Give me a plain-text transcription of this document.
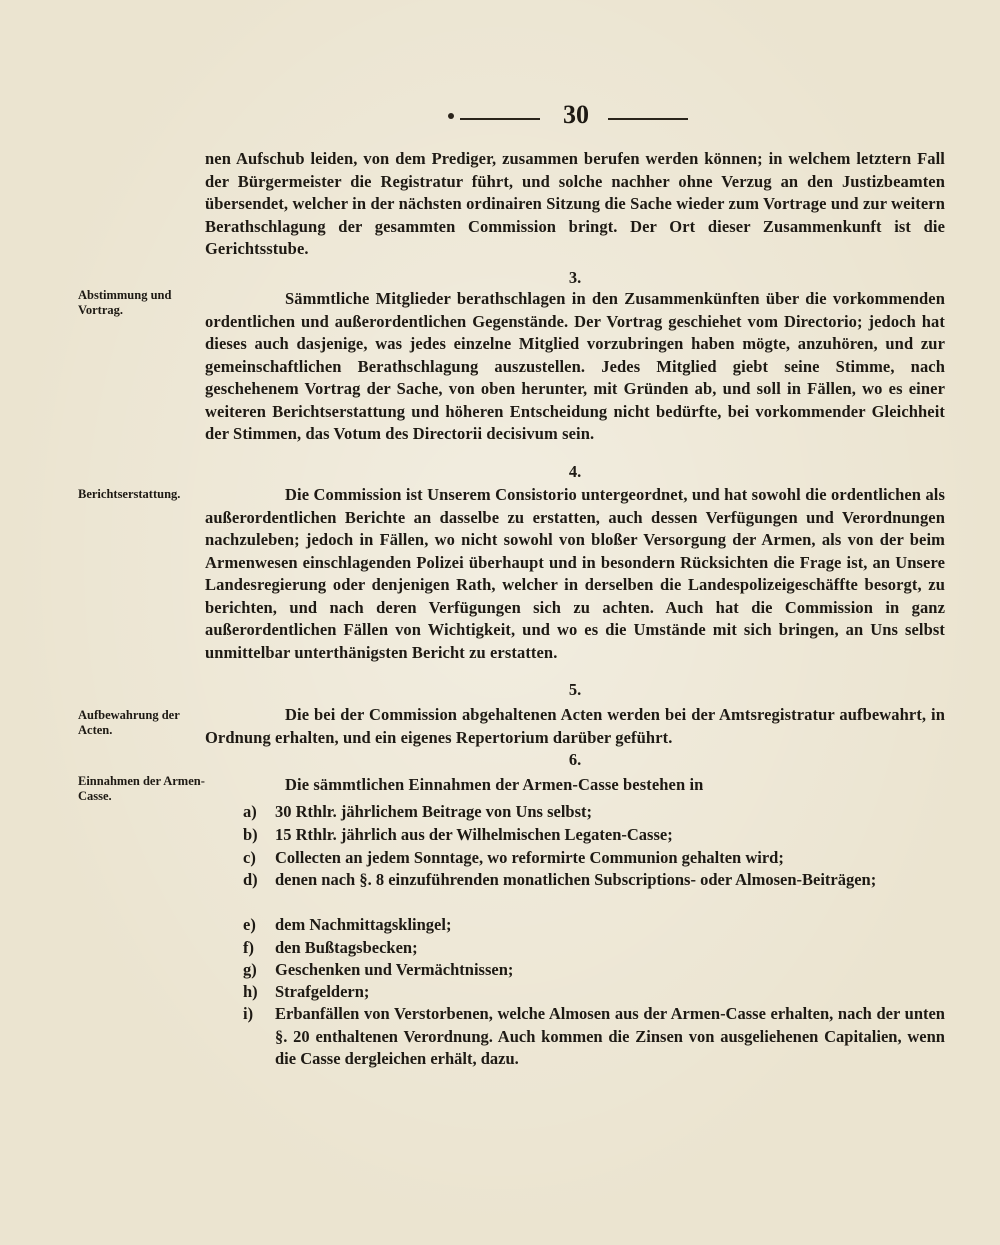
30
nen Aufschub leiden, von dem Prediger, zusammen berufen werden können; in welchem letztern Fall der Bürgermeister die Registratur führt, und solche nachher ohne Verzug an den Justizbeamten übersendet, welcher in der nächsten ordinairen Sitzung die Sache wieder zum Vortrage und zur weitern Berathschlagung der gesammten Commission bringt. Der Ort dieser Zusammenkunft ist die Gerichtsstube.
3.
Abstimmung und Vortrag.
Sämmtliche Mitglieder berathschlagen in den Zusammenkünften über die vorkommenden ordentlichen und außerordentlichen Gegenstände. Der Vortrag geschiehet vom Directorio; jedoch hat dieses auch dasjenige, was jedes einzelne Mitglied vorzubringen haben mögte, anzuhören, und zur gemeinschaftlichen Berathschlagung auszustellen. Jedes Mitglied giebt seine Stimme, nach geschehenem Vortrag der Sache, von oben herunter, mit Gründen ab, und soll in Fällen, wo es einer weiteren Berichtserstattung und höheren Entscheidung nicht bedürfte, bei vorkommender Gleichheit der Stimmen, das Votum des Directorii decisivum sein.
4.
Berichtserstattung.	Die Commission ist Unserem Consistorio untergeordnet, und hat sowohl die ordentlichen als außerordentlichen Berichte an dasselbe zu erstatten, auch dessen Verfügungen und Verordnungen nachzuleben; jedoch in Fällen, wo nicht sowohl von bloßer Versorgung der Armen, als von der beim Armenwesen einschlagenden Polizei überhaupt und in besondern Rücksichten die Frage ist, an Unsere Landesregierung oder denjenigen Rath, welcher in derselben die Landespolizeigeschäffte besorgt, zu berichten, und nach deren Verfügungen sich zu achten. Auch hat die Commission in ganz außerordentlichen Fällen von Wichtigkeit, und wo es die Umstände mit sich bringen, an Uns selbst unmittelbar unterthänigsten Bericht zu erstatten.
5.
Aufbewahrung der Acten.
Die bei der Commission abgehaltenen Acten werden bei der Amtsregistratur aufbewahrt, in Ordnung erhalten, und ein eigenes Repertorium darüber geführt.
6.
Einnahmen der Armen-Casse.
Die sämmtlichen Einnahmen der Armen-Casse bestehen in
a)	30 Rthlr. jährlichem Beitrage von Uns selbst;
b)	15 Rthlr. jährlich aus der Wilhelmischen Legaten-Casse;
c)	Collecten an jedem Sonntage, wo reformirte Communion gehalten wird;
d)	denen nach §. 8 einzuführenden monatlichen Subscriptions- oder Almosen-Beiträgen;
e)	dem Nachmittagsklingel;
f)	den Bußtagsbecken;
g)	Geschenken und Vermächtnissen;
h)	Strafgeldern;
i)	Erbanfällen von Verstorbenen, welche Almosen aus der Armen-Casse erhalten, nach der unten §. 20 enthaltenen Verordnung. Auch kommen die Zinsen von ausgeliehenen Capitalien, wenn die Casse dergleichen erhält, dazu.
